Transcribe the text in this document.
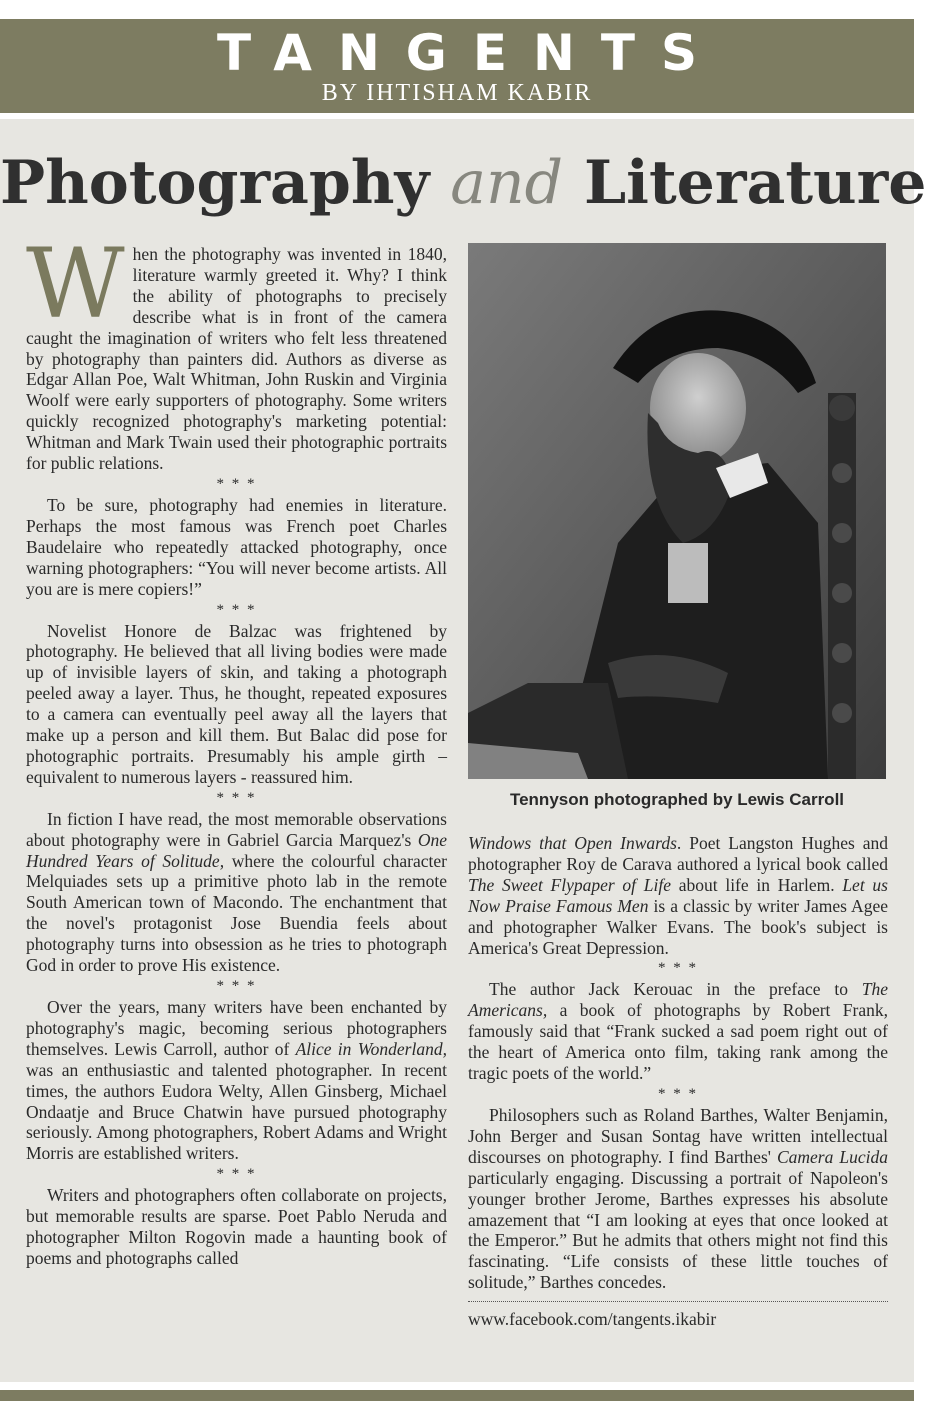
TANGENTS
BY IHTISHAM KABIR
Photography and Literature

When the photography was invented in 1840, literature warmly greeted it. Why? I think the ability of photographs to precisely describe what is in front of the camera caught the imagination of writers who felt less threatened by photography than painters did. Authors as diverse as Edgar Allan Poe, Walt Whitman, John Ruskin and Virginia Woolf were early supporters of photography. Some writers quickly recognized photography's marketing potential: Whitman and Mark Twain used their photographic portraits for public relations.

* * *

To be sure, photography had enemies in literature. Perhaps the most famous was French poet Charles Baudelaire who repeatedly attacked photography, once warning photographers: “You will never become artists. All you are is mere copiers!”

* * *

Novelist Honore de Balzac was frightened by photography. He believed that all living bodies were made up of invisible layers of skin, and taking a photograph peeled away a layer. Thus, he thought, repeated exposures to a camera can eventually peel away all the layers that make up a person and kill them. But Balac did pose for photographic portraits. Presumably his ample girth – equivalent to numerous layers - reassured him.

* * *

In fiction I have read, the most memorable observations about photography were in Gabriel Garcia Marquez's One Hundred Years of Solitude, where the colourful character Melquiades sets up a primitive photo lab in the remote South American town of Macondo. The enchantment that the novel's protagonist Jose Buendia feels about photography turns into obsession as he tries to photograph God in order to prove His existence.

* * *

Over the years, many writers have been enchanted by photography's magic, becoming serious photographers themselves. Lewis Carroll, author of Alice in Wonderland, was an enthusiastic and talented photographer. In recent times, the authors Eudora Welty, Allen Ginsberg, Michael Ondaatje and Bruce Chatwin have pursued photography seriously. Among photographers, Robert Adams and Wright Morris are established writers.

* * *

Writers and photographers often collaborate on projects, but memorable results are sparse. Poet Pablo Neruda and photographer Milton Rogovin made a haunting book of poems and photographs called

Tennyson photographed by Lewis Carroll

Windows that Open Inwards. Poet Langston Hughes and photographer Roy de Carava authored a lyrical book called The Sweet Flypaper of Life about life in Harlem. Let us Now Praise Famous Men is a classic by writer James Agee and photographer Walker Evans. The book's subject is America's Great Depression.

* * *

The author Jack Kerouac in the preface to The Americans, a book of photographs by Robert Frank, famously said that “Frank sucked a sad poem right out of the heart of America onto film, taking rank among the tragic poets of the world.”

* * *

Philosophers such as Roland Barthes, Walter Benjamin, John Berger and Susan Sontag have written intellectual discourses on photography. I find Barthes' Camera Lucida particularly engaging. Discussing a portrait of Napoleon's younger brother Jerome, Barthes expresses his absolute amazement that “I am looking at eyes that once looked at the Emperor.” But he admits that others might not find this fascinating. “Life consists of these little touches of solitude,” Barthes concedes.

www.facebook.com/tangents.ikabir
